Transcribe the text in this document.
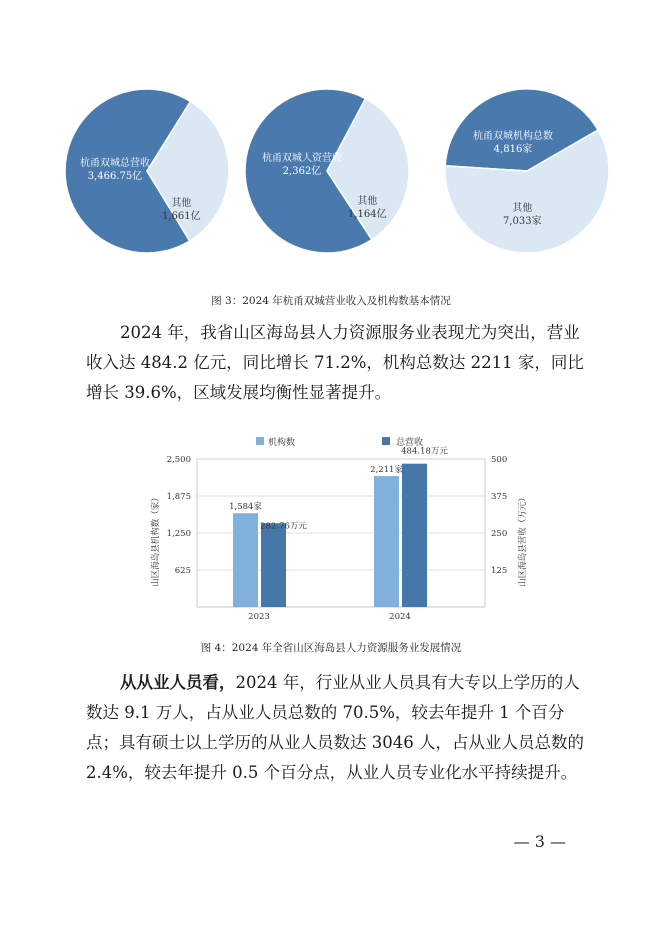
杭甬双城总营收
3,466.75亿
其他
1,661亿
杭甬双城人资营收
2,362亿
其他
1,164亿
杭甬双城机构总数
4,816家
其他
7,033家
图 3：2024 年杭甬双城营业收入及机构数基本情况

2024 年，我省山区海岛县人力资源服务业表现尤为突出，营业收入达 484.2 亿元，同比增长 71.2%，机构总数达 2211 家，同比增长 39.6%，区域发展均衡性显著提升。

机构数	总营收
1,584家
282.76万元
2,211家
484.18万元
625
1,250
1,875
2,500
125
250
375
500
2023	2024
山区海岛县机构数（家）	山区海岛县营收（万元）
图 4：2024 年全省山区海岛县人力资源服务业发展情况

从从业人员看，2024 年，行业从业人员具有大专以上学历的人数达 9.1 万人，占从业人员总数的 70.5%，较去年提升 1 个百分点；具有硕士以上学历的从业人员数达 3046 人，占从业人员总数的 2.4%，较去年提升 0.5 个百分点，从业人员专业化水平持续提升。

— 3 —
